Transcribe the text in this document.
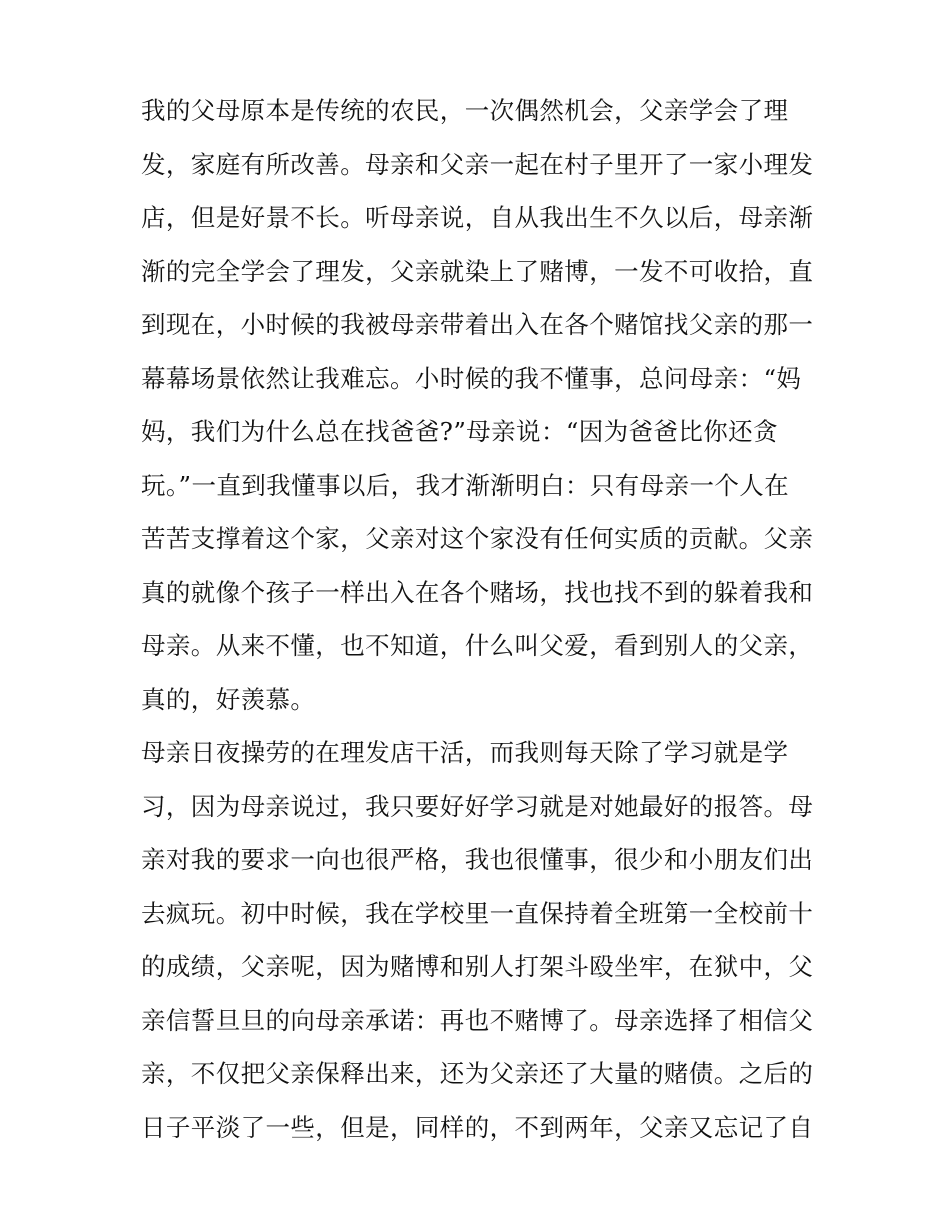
我的父母原本是传统的农民，一次偶然机会，父亲学会了理
发，家庭有所改善。母亲和父亲一起在村子里开了一家小理发
店，但是好景不长。听母亲说，自从我出生不久以后，母亲渐
渐的完全学会了理发，父亲就染上了赌博，一发不可收拾，直
到现在，小时候的我被母亲带着出入在各个赌馆找父亲的那一
幕幕场景依然让我难忘。小时候的我不懂事，总问母亲：“妈
妈，我们为什么总在找爸爸?”母亲说：“因为爸爸比你还贪
玩。”一直到我懂事以后，我才渐渐明白：只有母亲一个人在
苦苦支撑着这个家，父亲对这个家没有任何实质的贡献。父亲
真的就像个孩子一样出入在各个赌场，找也找不到的躲着我和
母亲。从来不懂，也不知道，什么叫父爱，看到别人的父亲，
真的，好羡慕。
母亲日夜操劳的在理发店干活，而我则每天除了学习就是学
习，因为母亲说过，我只要好好学习就是对她最好的报答。母
亲对我的要求一向也很严格，我也很懂事，很少和小朋友们出
去疯玩。初中时候，我在学校里一直保持着全班第一全校前十
的成绩，父亲呢，因为赌博和别人打架斗殴坐牢，在狱中，父
亲信誓旦旦的向母亲承诺：再也不赌博了。母亲选择了相信父
亲，不仅把父亲保释出来，还为父亲还了大量的赌债。之后的
日子平淡了一些，但是，同样的，不到两年，父亲又忘记了自
